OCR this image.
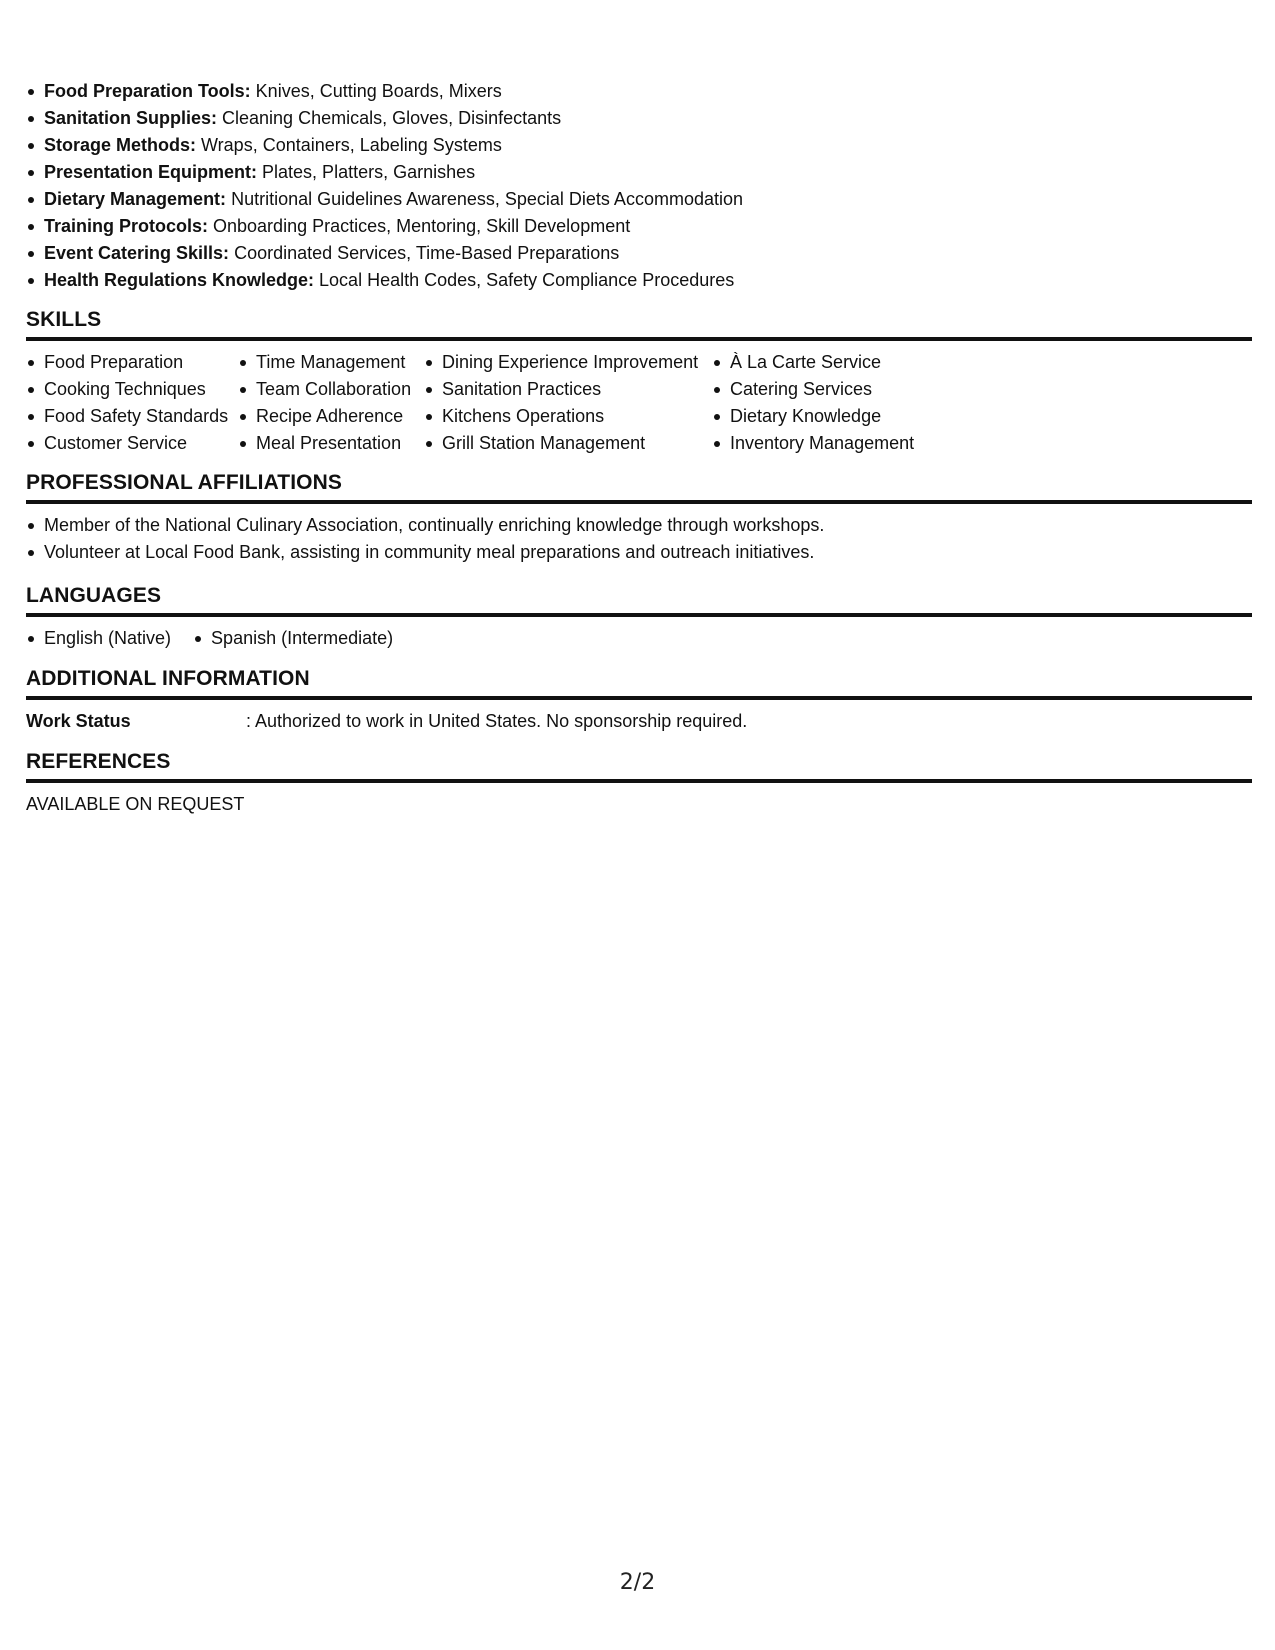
Food Preparation Tools: Knives, Cutting Boards, Mixers
Sanitation Supplies: Cleaning Chemicals, Gloves, Disinfectants
Storage Methods: Wraps, Containers, Labeling Systems
Presentation Equipment: Plates, Platters, Garnishes
Dietary Management: Nutritional Guidelines Awareness, Special Diets Accommodation
Training Protocols: Onboarding Practices, Mentoring, Skill Development
Event Catering Skills: Coordinated Services, Time-Based Preparations
Health Regulations Knowledge: Local Health Codes, Safety Compliance Procedures
SKILLS
Food Preparation
Cooking Techniques
Food Safety Standards
Customer Service
Time Management
Team Collaboration
Recipe Adherence
Meal Presentation
Dining Experience Improvement
Sanitation Practices
Kitchens Operations
Grill Station Management
À La Carte Service
Catering Services
Dietary Knowledge
Inventory Management
PROFESSIONAL AFFILIATIONS
Member of the National Culinary Association, continually enriching knowledge through workshops.
Volunteer at Local Food Bank, assisting in community meal preparations and outreach initiatives.
LANGUAGES
English (Native)	Spanish (Intermediate)
ADDITIONAL INFORMATION
Work Status	: Authorized to work in United States. No sponsorship required.
REFERENCES
AVAILABLE ON REQUEST
2/2
